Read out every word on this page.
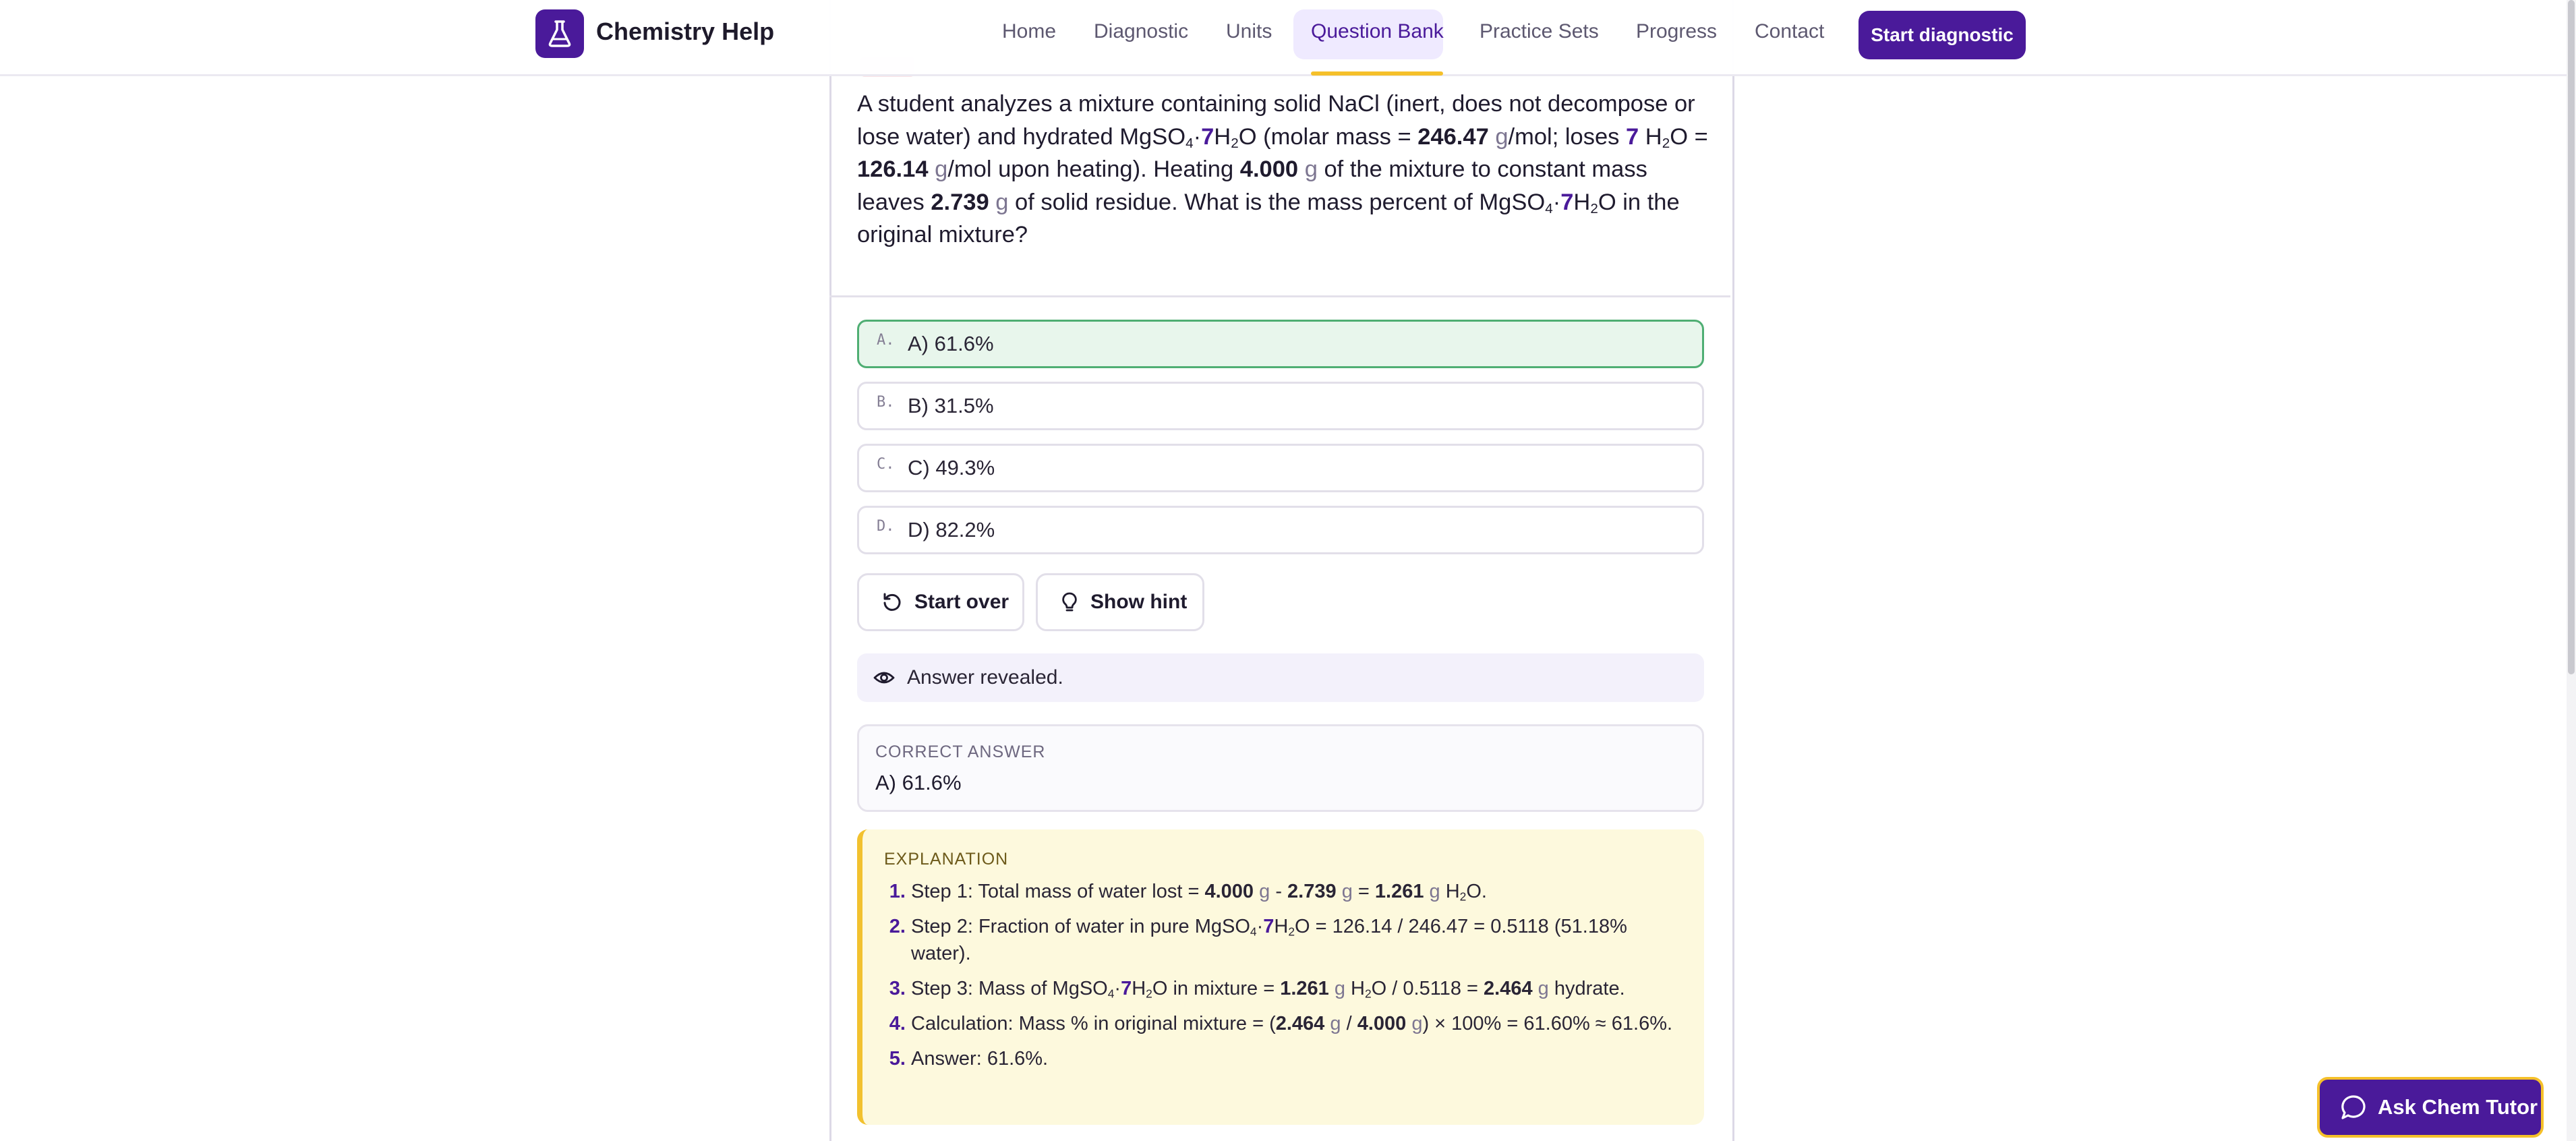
Chemistry Help	Home Diagnostic Units Question Bank Practice Sets Progress Contact	Start diagnostic
A student analyzes a mixture containing solid NaCl (inert, does not decompose or lose water) and hydrated $MgSO_4\cdot 7H_2O$ (molar mass = 246.47 g/mol; loses 7 $H_2O = 126.14$ g/mol upon heating). Heating 4.000 g of the mixture to constant mass leaves 2.739 g of solid residue. What is the mass percent of $MgSO_4\cdot 7H_2O$ in the original mixture?
A. A) 61.6%
B. B) 31.5%
C. C) 49.3%
D. D) 82.2%
Start over	Show hint
Answer revealed.
CORRECT ANSWER
A) 61.6%
EXPLANATION
1. Step 1: Total mass of water lost = 4.000 g - 2.739 g = 1.261 g $H_2O$.
2. Step 2: Fraction of water in pure $MgSO_4\cdot 7H_2O = 126.14 / 246.47 = 0.5118$ (51.18% water).
3. Step 3: Mass of $MgSO_4\cdot 7H_2O$ in mixture = 1.261 g $H_2O / 0.5118 = 2.464$ g hydrate.
4. Calculation: Mass % in original mixture = (2.464 g / 4.000 g) × 100% = 61.60% ≈ 61.6%.
5. Answer: 61.6%.
Ask Chem Tutor
